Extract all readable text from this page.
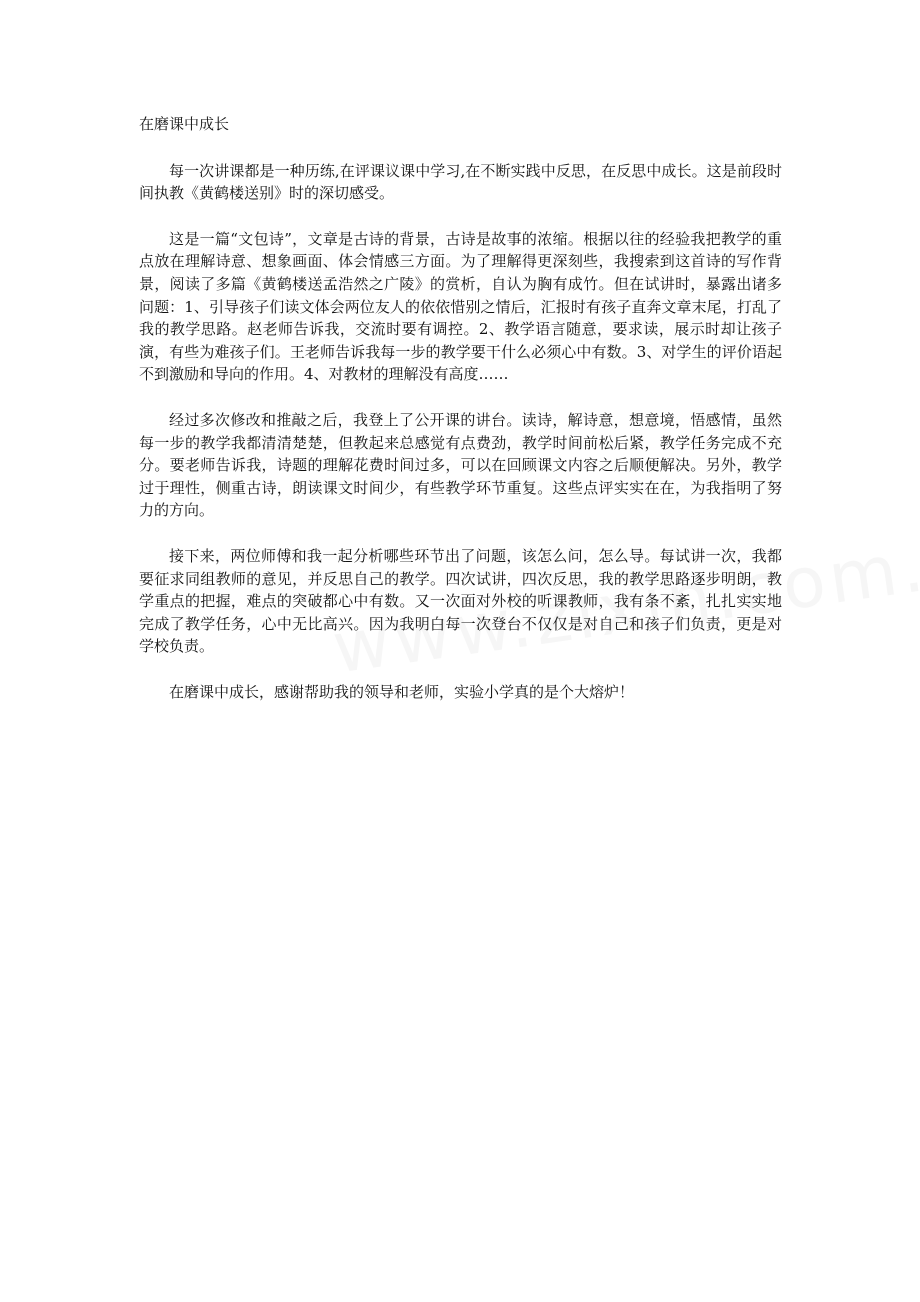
在磨课中成长

每一次讲课都是一种历练,在评课议课中学习,在不断实践中反思，在反思中成长。这是前段时间执教《黄鹤楼送别》时的深切感受。

这是一篇“文包诗”，文章是古诗的背景，古诗是故事的浓缩。根据以往的经验我把教学的重点放在理解诗意、想象画面、体会情感三方面。为了理解得更深刻些，我搜索到这首诗的写作背景，阅读了多篇《黄鹤楼送孟浩然之广陵》的赏析，自认为胸有成竹。但在试讲时，暴露出诸多问题：1、引导孩子们读文体会两位友人的依依惜别之情后，汇报时有孩子直奔文章末尾，打乱了我的教学思路。赵老师告诉我，交流时要有调控。2、教学语言随意，要求读，展示时却让孩子演，有些为难孩子们。王老师告诉我每一步的教学要干什么必须心中有数。3、对学生的评价语起不到激励和导向的作用。4、对教材的理解没有高度……

经过多次修改和推敲之后，我登上了公开课的讲台。读诗，解诗意，想意境，悟感情，虽然每一步的教学我都清清楚楚，但教起来总感觉有点费劲，教学时间前松后紧，教学任务完成不充分。要老师告诉我，诗题的理解花费时间过多，可以在回顾课文内容之后顺便解决。另外，教学过于理性，侧重古诗，朗读课文时间少，有些教学环节重复。这些点评实实在在，为我指明了努力的方向。

接下来，两位师傅和我一起分析哪些环节出了问题，该怎么问，怎么导。每试讲一次，我都要征求同组教师的意见，并反思自己的教学。四次试讲，四次反思，我的教学思路逐步明朗，教学重点的把握，难点的突破都心中有数。又一次面对外校的听课教师，我有条不紊，扎扎实实地完成了教学任务，心中无比高兴。因为我明白每一次登台不仅仅是对自己和孩子们负责，更是对学校负责。

在磨课中成长，感谢帮助我的领导和老师，实验小学真的是个大熔炉！
